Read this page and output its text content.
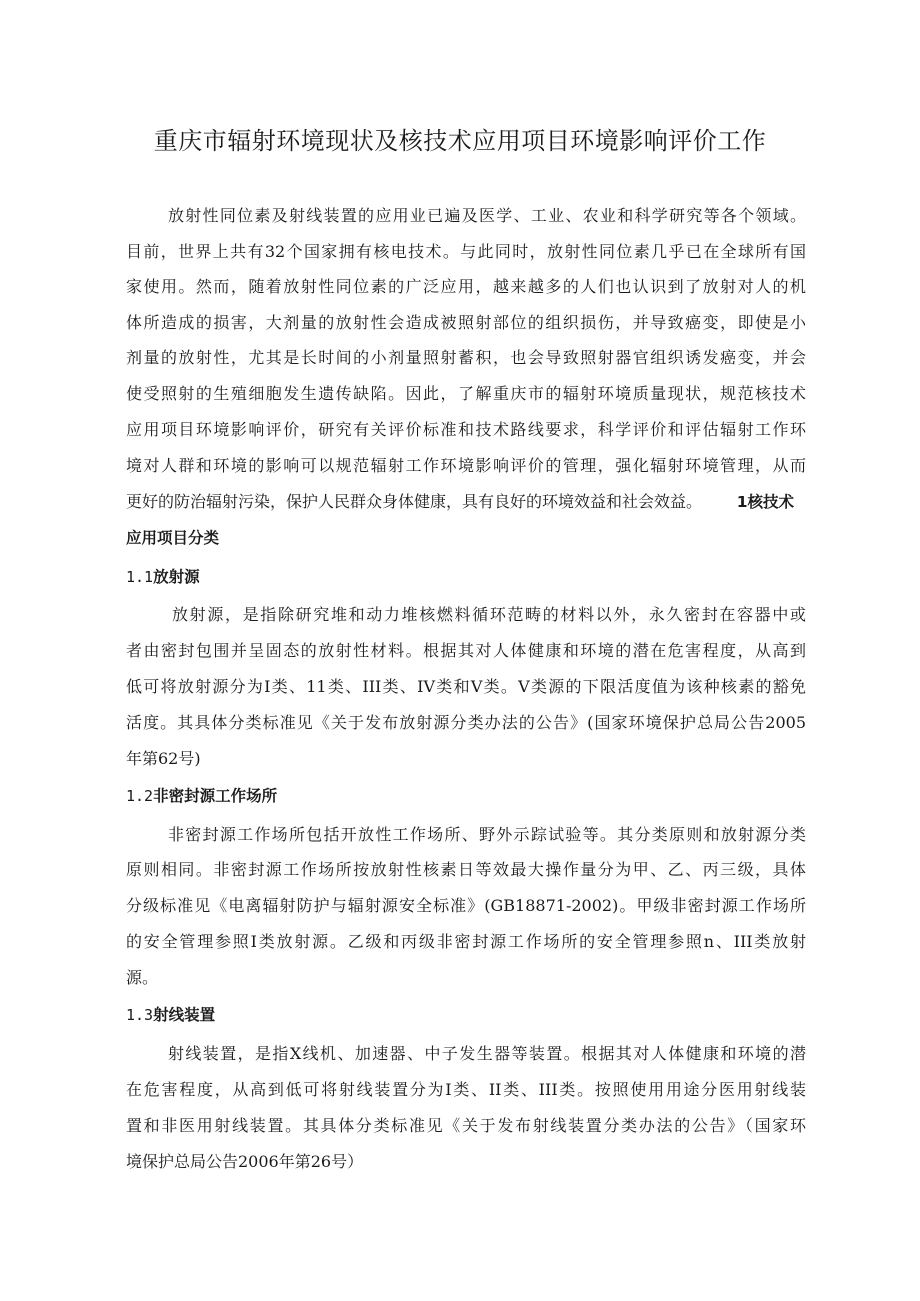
重庆市辐射环境现状及核技术应用项目环境影响评价工作
放射性同位素及射线装置的应用业已遍及医学、工业、农业和科学研究等各个领域。
目前，世界上共有32个国家拥有核电技术。与此同时，放射性同位素几乎已在全球所有国
家使用。然而，随着放射性同位素的广泛应用，越来越多的人们也认识到了放射对人的机
体所造成的损害，大剂量的放射性会造成被照射部位的组织损伤，并导致癌变，即使是小
剂量的放射性，尤其是长时间的小剂量照射蓄积，也会导致照射器官组织诱发癌变，并会
使受照射的生殖细胞发生遗传缺陷。因此，了解重庆市的辐射环境质量现状，规范核技术
应用项目环境影响评价，研究有关评价标准和技术路线要求，科学评价和评估辐射工作环
境对人群和环境的影响可以规范辐射工作环境影响评价的管理，强化辐射环境管理，从而
更好的防治辐射污染，保护人民群众身体健康，具有良好的环境效益和社会效益。 1核技术
应用项目分类
1.1放射源
放射源，是指除研究堆和动力堆核燃料循环范畴的材料以外，永久密封在容器中或
者由密封包围并呈固态的放射性材料。根据其对人体健康和环境的潜在危害程度，从高到
低可将放射源分为I类、11类、III类、IV类和V类。V类源的下限活度值为该种核素的豁免
活度。其具体分类标准见《关于发布放射源分类办法的公告》(国家环境保护总局公告2005
年第62号)
1.2非密封源工作场所
非密封源工作场所包括开放性工作场所、野外示踪试验等。其分类原则和放射源分类
原则相同。非密封源工作场所按放射性核素日等效最大操作量分为甲、乙、丙三级，具体
分级标准见《电离辐射防护与辐射源安全标准》(GB18871-2002)。甲级非密封源工作场所
的安全管理参照I类放射源。乙级和丙级非密封源工作场所的安全管理参照n、III类放射
源。
1.3射线装置
射线装置，是指X线机、加速器、中子发生器等装置。根据其对人体健康和环境的潜
在危害程度，从高到低可将射线装置分为I类、II类、III类。按照使用用途分医用射线装
置和非医用射线装置。其具体分类标准见《关于发布射线装置分类办法的公告》（国家环
境保护总局公告2006年第26号）
